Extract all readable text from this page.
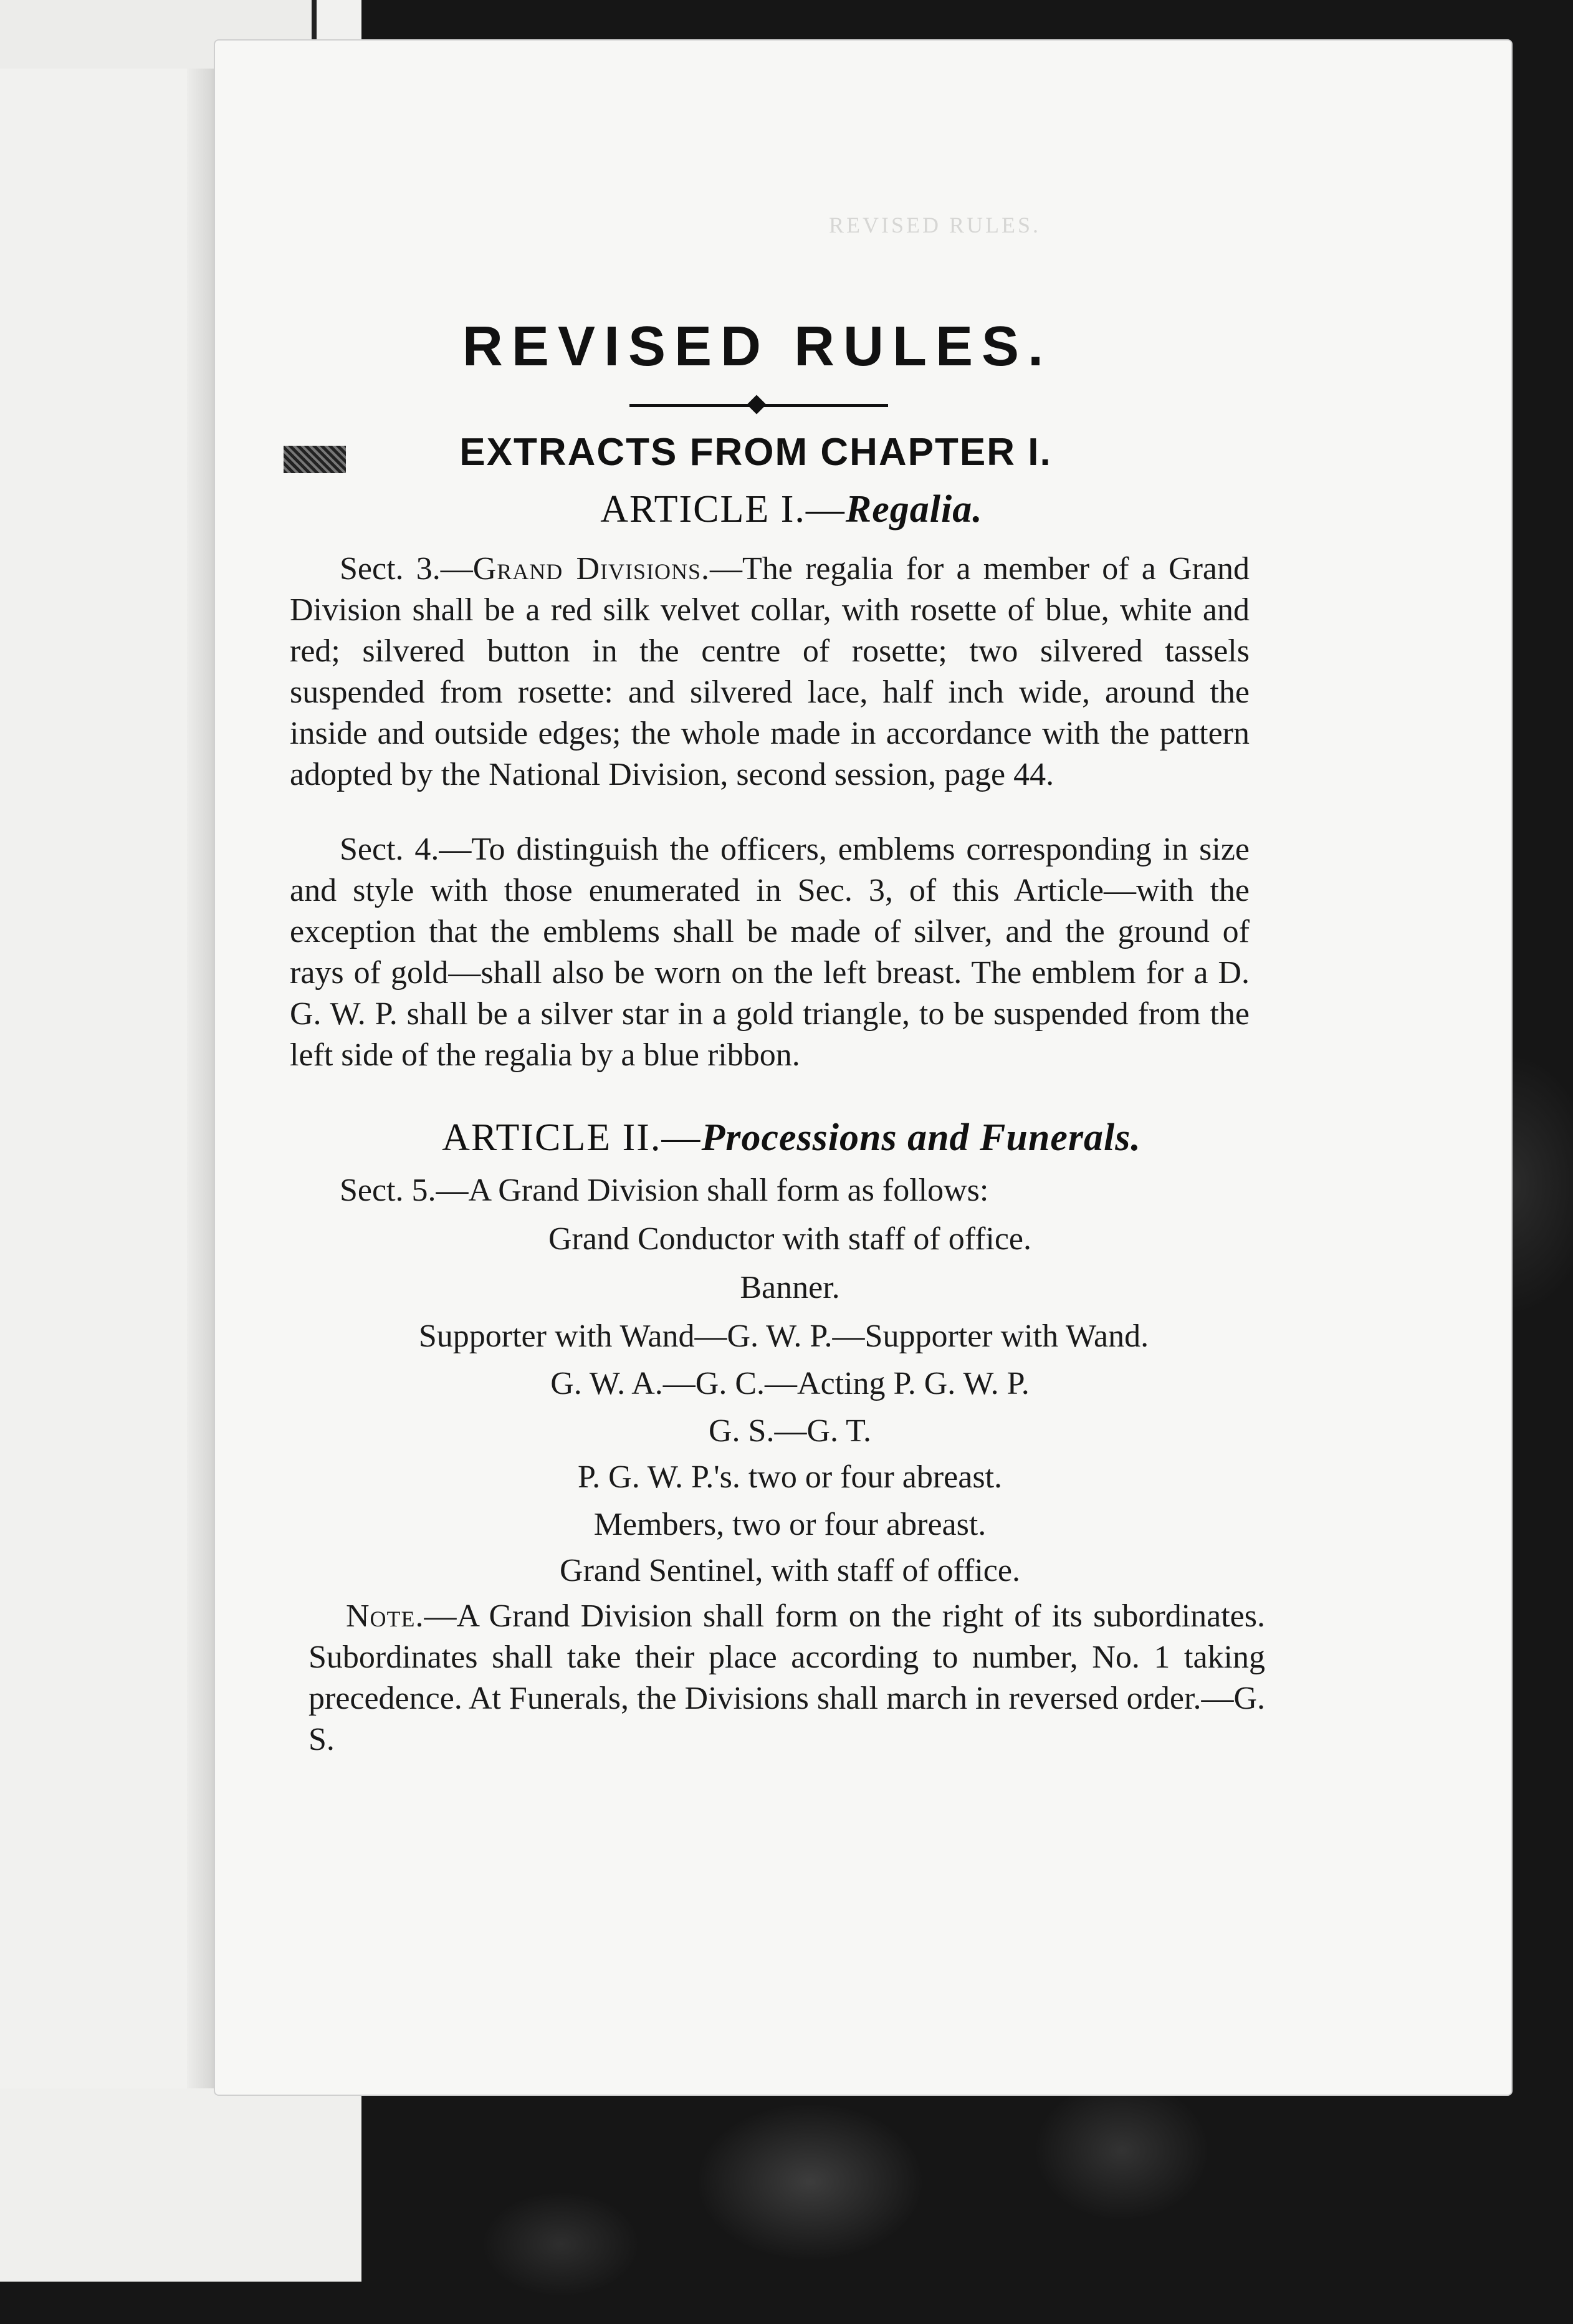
REVISED RULES.
REVISED RULES.
EXTRACTS FROM CHAPTER I.
ARTICLE I.—Regalia.
Sect. 3.—Grand Divisions.—The regalia for a member of a Grand Division shall be a red silk velvet collar, with rosette of blue, white and red; silvered button in the centre of rosette; two silvered tassels suspended from rosette: and silvered lace, half inch wide, around the inside and outside edges; the whole made in accordance with the pattern adopted by the National Division, second session, page 44.
Sect. 4.—To distinguish the officers, emblems corresponding in size and style with those enumerated in Sec. 3, of this Article—with the exception that the emblems shall be made of silver, and the ground of rays of gold—shall also be worn on the left breast. The emblem for a D. G. W. P. shall be a silver star in a gold triangle, to be suspended from the left side of the regalia by a blue ribbon.
ARTICLE II.—Processions and Funerals.
Sect. 5.—A Grand Division shall form as follows:
Grand Conductor with staff of office.
Banner.
Supporter with Wand—G. W. P.—Supporter with Wand.
G. W. A.—G. C.—Acting P. G. W. P.
G. S.—G. T.
P. G. W. P.'s. two or four abreast.
Members, two or four abreast.
Grand Sentinel, with staff of office.
Note.—A Grand Division shall form on the right of its subordinates. Subordinates shall take their place according to number, No. 1 taking precedence. At Funerals, the Divisions shall march in reversed order.—G. S.
